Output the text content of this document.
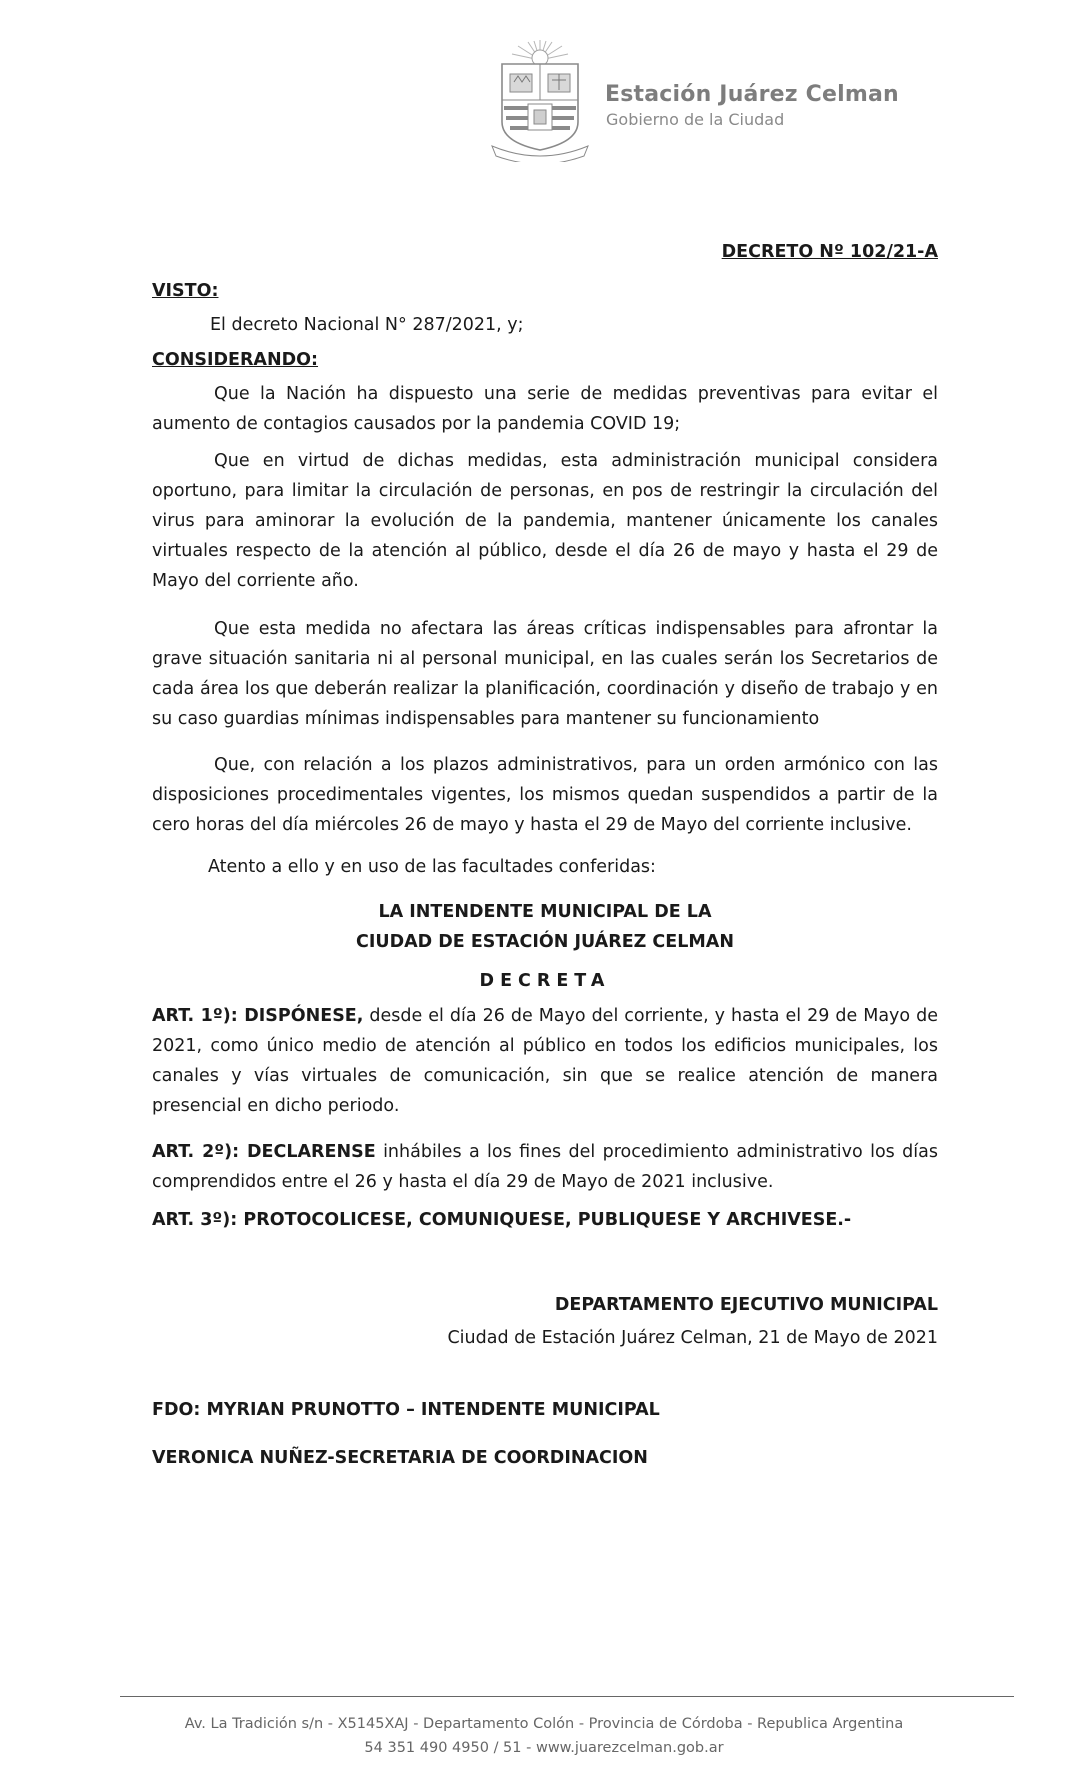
Estación Juárez Celman
Gobierno de la Ciudad
DECRETO Nº 102/21-A
VISTO:

El decreto Nacional N° 287/2021, y;

CONSIDERANDO:

Que la Nación ha dispuesto una serie de medidas preventivas para evitar el aumento de contagios causados por la pandemia COVID 19;

Que en virtud de dichas medidas, esta administración municipal considera oportuno, para limitar la circulación de personas, en pos de restringir la circulación del virus para aminorar la evolución de la pandemia, mantener únicamente los canales virtuales respecto de la atención al público, desde el día 26 de mayo y hasta el 29 de Mayo del corriente año.

Que esta medida no afectara las áreas críticas indispensables para afrontar la grave situación sanitaria ni al personal municipal, en las cuales serán los Secretarios de cada área los que deberán realizar la planificación, coordinación y diseño de trabajo y en su caso guardias mínimas indispensables para mantener su funcionamiento

Que, con relación a los plazos administrativos, para un orden armónico con las disposiciones procedimentales vigentes, los mismos quedan suspendidos a partir de la cero horas del día miércoles 26 de mayo y hasta el 29 de Mayo del corriente inclusive.

Atento a ello y en uso de las facultades conferidas:

LA INTENDENTE MUNICIPAL DE LA

CIUDAD DE ESTACIÓN JUÁREZ CELMAN

DECRETA

ART. 1º): DISPÓNESE, desde el día 26 de Mayo del corriente, y hasta el 29 de Mayo de 2021, como único medio de atención al público en todos los edificios municipales, los canales y vías virtuales de comunicación, sin que se realice atención de manera presencial en dicho periodo.

ART. 2º): DECLARENSE inhábiles a los fines del procedimiento administrativo los días comprendidos entre el 26 y hasta el día 29 de Mayo de 2021 inclusive.

ART. 3º): PROTOCOLICESE, COMUNIQUESE, PUBLIQUESE Y ARCHIVESE.-

DEPARTAMENTO EJECUTIVO MUNICIPAL
Ciudad de Estación Juárez Celman, 21 de Mayo de 2021
FDO: MYRIAN PRUNOTTO – INTENDENTE MUNICIPAL
VERONICA NUÑEZ-SECRETARIA DE COORDINACION
Av. La Tradición s/n - X5145XAJ - Departamento Colón - Provincia de Córdoba - Republica Argentina
54 351 490 4950 / 51 - www.juarezcelman.gob.ar
